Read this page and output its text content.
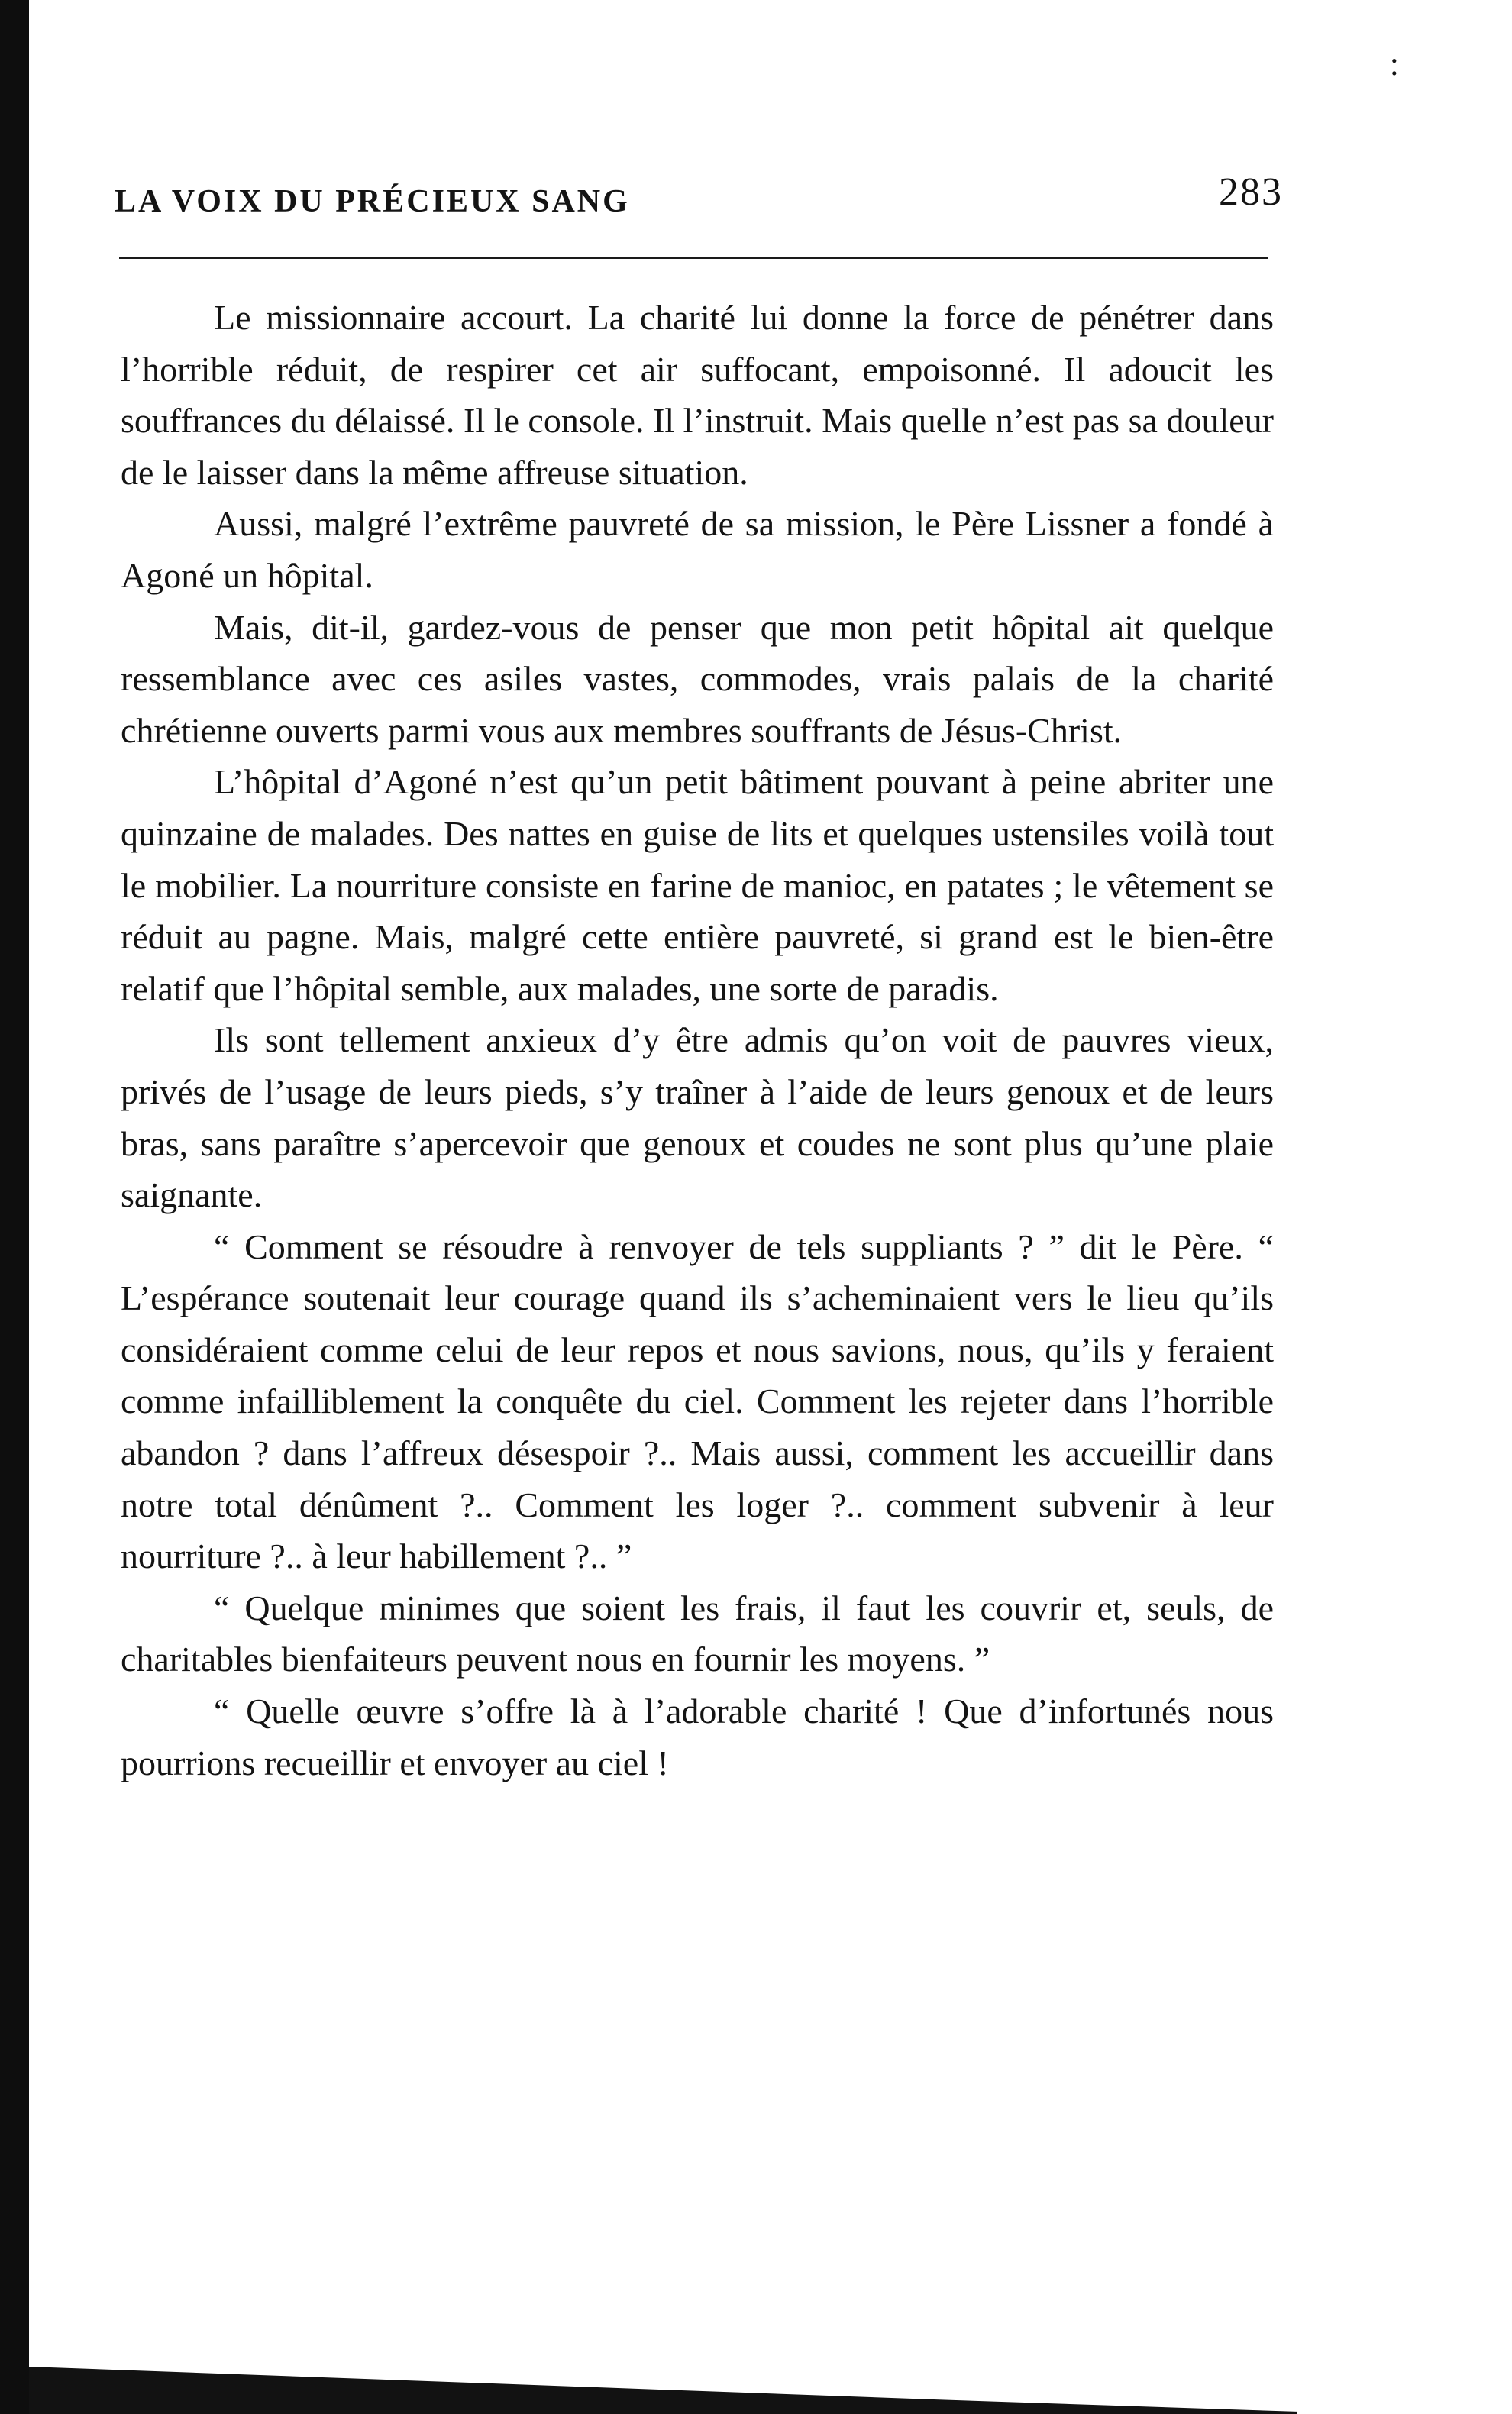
:
LA VOIX DU PRÉCIEUX SANG	283

Le missionnaire accourt. La charité lui donne la force de pénétrer dans l’horrible réduit, de respirer cet air suffocant, empoisonné. Il adoucit les souffrances du délaissé. Il le console. Il l’instruit. Mais quelle n’est pas sa douleur de le laisser dans la même affreuse situation.

Aussi, malgré l’extrême pauvreté de sa mission, le Père Lissner a fondé à Agoné un hôpital.

Mais, dit-il, gardez-vous de penser que mon petit hôpital ait quelque ressemblance avec ces asiles vastes, commodes, vrais palais de la charité chrétienne ouverts parmi vous aux membres souffrants de Jésus-Christ.

L’hôpital d’Agoné n’est qu’un petit bâtiment pouvant à peine abriter une quinzaine de malades. Des nattes en guise de lits et quelques ustensiles voilà tout le mobilier. La nourriture consiste en farine de manioc, en patates ; le vêtement se réduit au pagne. Mais, malgré cette entière pauvreté, si grand est le bien-être relatif que l’hôpital semble, aux malades, une sorte de paradis.

Ils sont tellement anxieux d’y être admis qu’on voit de pauvres vieux, privés de l’usage de leurs pieds, s’y traîner à l’aide de leurs genoux et de leurs bras, sans paraître s’apercevoir que genoux et coudes ne sont plus qu’une plaie saignante.

“ Comment se résoudre à renvoyer de tels suppliants ? ” dit le Père. “ L’espérance soutenait leur courage quand ils s’acheminaient vers le lieu qu’ils considéraient comme celui de leur repos et nous savions, nous, qu’ils y feraient comme infailliblement la conquête du ciel. Comment les rejeter dans l’horrible abandon ? dans l’affreux désespoir ?.. Mais aussi, comment les accueillir dans notre total dénûment ?.. Comment les loger ?.. comment subvenir à leur nourriture ?.. à leur habillement ?.. ”

“ Quelque minimes que soient les frais, il faut les couvrir et, seuls, de charitables bienfaiteurs peuvent nous en fournir les moyens. ”

“ Quelle œuvre s’offre là à l’adorable charité ! Que d’infortunés nous pourrions recueillir et envoyer au ciel !
